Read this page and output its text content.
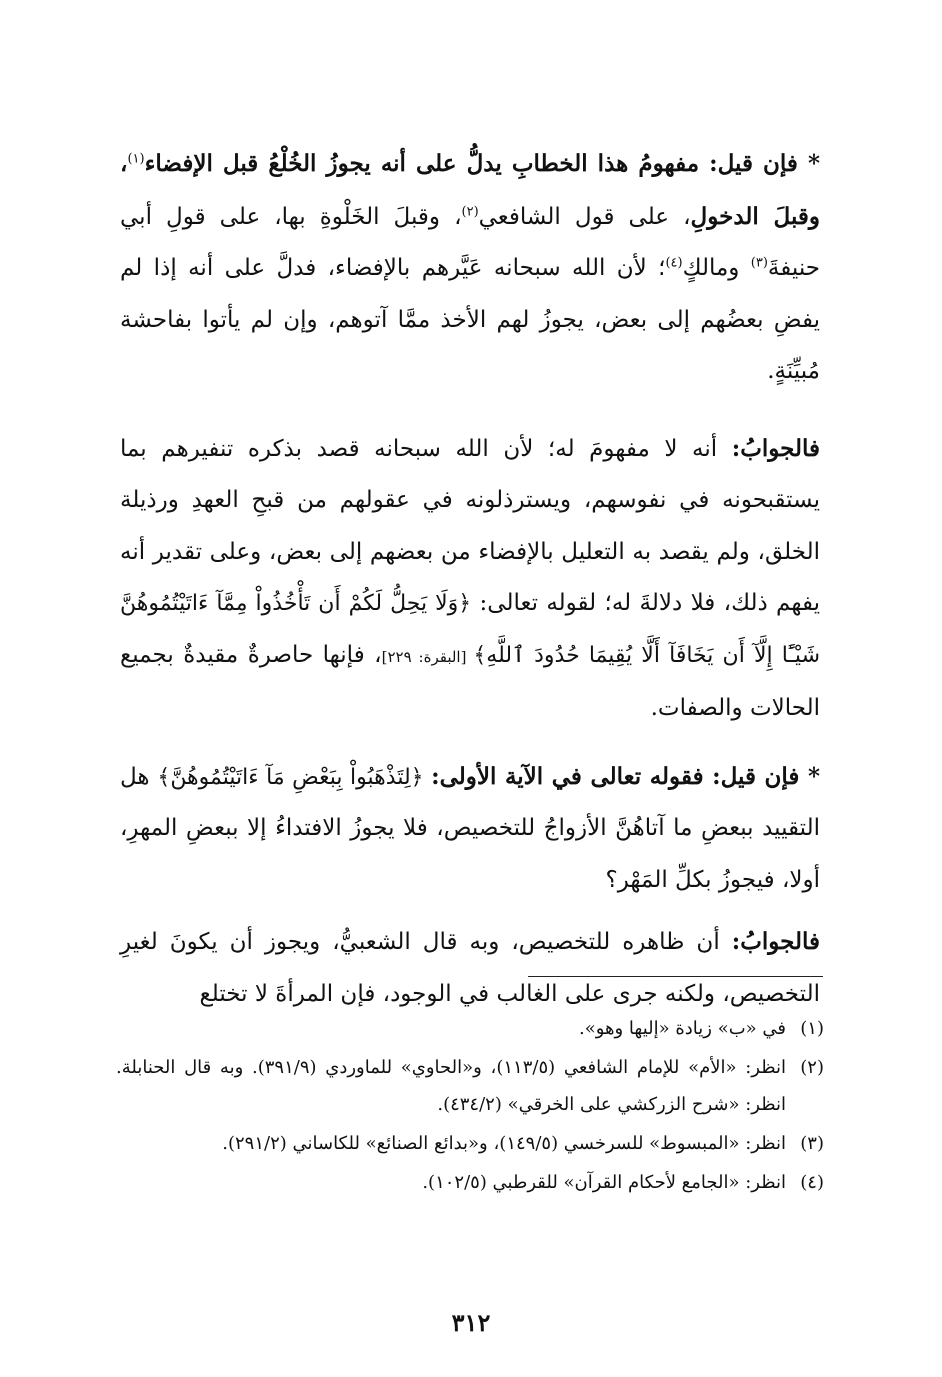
* فإن قيل: مفهومُ هذا الخطابِ يدلُّ على أنه يجوزُ الخُلْعُ قبل الإفضاء$^{(١)}$، وقبلَ الدخولِ، على قول الشافعي$^{(٢)}$، وقبلَ الخَلْوةِ بها، على قولِ أبي حنيفةَ$^{(٣)}$ ومالكٍ$^{(٤)}$؛ لأن الله سبحانه عَيَّرهم بالإفضاء، فدلَّ على أنه إذا لم يفضِ بعضُهم إلى بعض، يجوزُ لهم الأخذ ممَّا آتوهم، وإن لم يأتوا بفاحشة مُبيِّنَةٍ.

فالجوابُ: أنه لا مفهومَ له؛ لأن الله سبحانه قصد بذكره تنفيرهم بما يستقبحونه في نفوسهم، ويسترذلونه في عقولهم من قبحِ العهدِ ورذيلة الخلق، ولم يقصد به التعليل بالإفضاء من بعضهم إلى بعض، وعلى تقدير أنه يفهم ذلك، فلا دلالةَ له؛ لقوله تعالى: ﴿وَلَا يَحِلُّ لَكُمْ أَن تَأْخُذُواْ مِمَّآ ءَاتَيْتُمُوهُنَّ شَيْـًٔا إِلَّآ أَن يَخَافَآ أَلَّا يُقِيمَا حُدُودَ ٱللَّهِ﴾ [البقرة: ٢٢٩]، فإنها حاصرةٌ مقيدةٌ بجميع الحالات والصفات.

* فإن قيل: فقوله تعالى في الآية الأولى: ﴿لِتَذْهَبُواْ بِبَعْضِ مَآ ءَاتَيْتُمُوهُنَّ﴾ هل التقييد ببعضِ ما آتاهُنَّ الأزواجُ للتخصيص، فلا يجوزُ الافتداءُ إلا ببعضِ المهرِ، أولا، فيجوزُ بكلِّ المَهْر؟

فالجوابُ: أن ظاهره للتخصيص، وبه قال الشعبيُّ، ويجوز أن يكونَ لغيرِ التخصيص، ولكنه جرى على الغالب في الوجود، فإن المرأةَ لا تختلع

(١)
في «ب» زيادة «إليها وهو».
(٢)
انظر: «الأم» للإمام الشافعي (١١٣/٥)، و«الحاوي» للماوردي (٣٩١/٩). وبه قال الحنابلة. انظر: «شرح الزركشي على الخرقي» (٤٣٤/٢).
(٣)
انظر: «المبسوط» للسرخسي (١٤٩/٥)، و«بدائع الصنائع» للكاساني (٢٩١/٢).
(٤)
انظر: «الجامع لأحكام القرآن» للقرطبي (١٠٢/٥).
٣١٢
